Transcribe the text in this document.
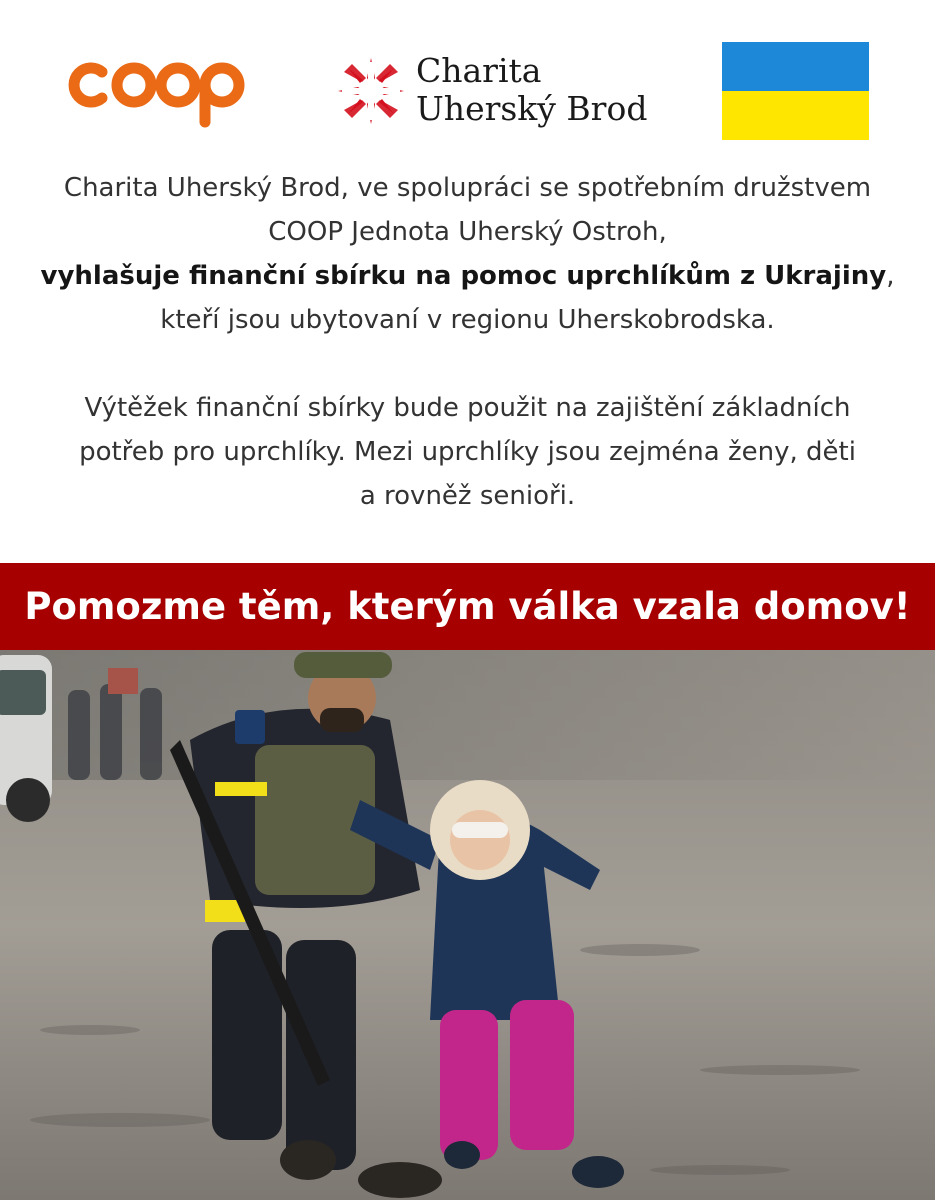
Charita
Uherský Brod
Charita Uherský Brod, ve spolupráci se spotřebním družstvem
COOP Jednota Uherský Ostroh,
vyhlašuje finanční sbírku na pomoc uprchlíkům z Ukrajiny,
kteří jsou ubytovaní v regionu Uherskobrodska.
Výtěžek finanční sbírky bude použit na zajištění základních
potřeb pro uprchlíky. Mezi uprchlíky jsou zejména ženy, děti
a rovněž senioři.
Pomozme těm, kterým válka vzala domov!
